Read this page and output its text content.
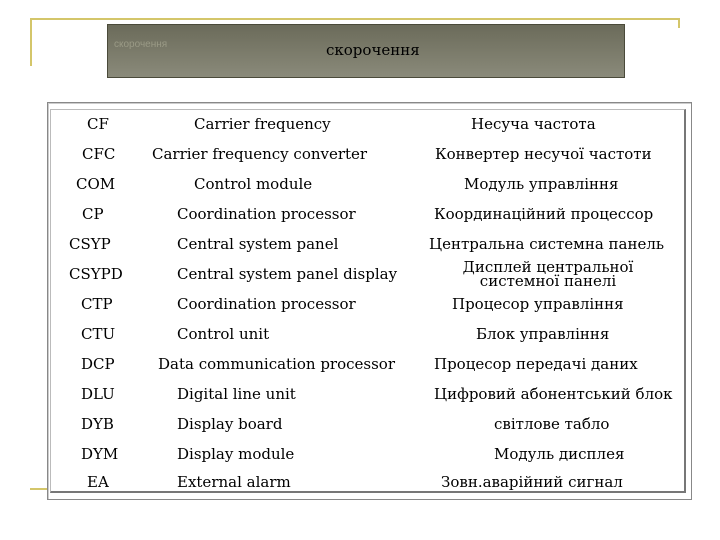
скорочення	скорочення
CF	Carrier frequency	Несуча частота
CFC Carrier frequency converter	Конвертер несучої частоти
COM	Control module	Модуль управління
CP	Coordination processor	Координаційний процессор
CSYP	Central system panel	Центральна системна панель
CSYPD	Central system panel display	Дисплей центральної системної панелі
CTP	Coordination processor	Процесор управління
CTU	Control unit	Блок управління
DCP	Data communication processor	Процесор передачі даних
DLU	Digital line unit	Цифровий абонентський блок
DYB	Display board	світлове табло
DYM	Display module	Модуль дисплея
EA	External alarm	Зовн.аварійний сигнал
